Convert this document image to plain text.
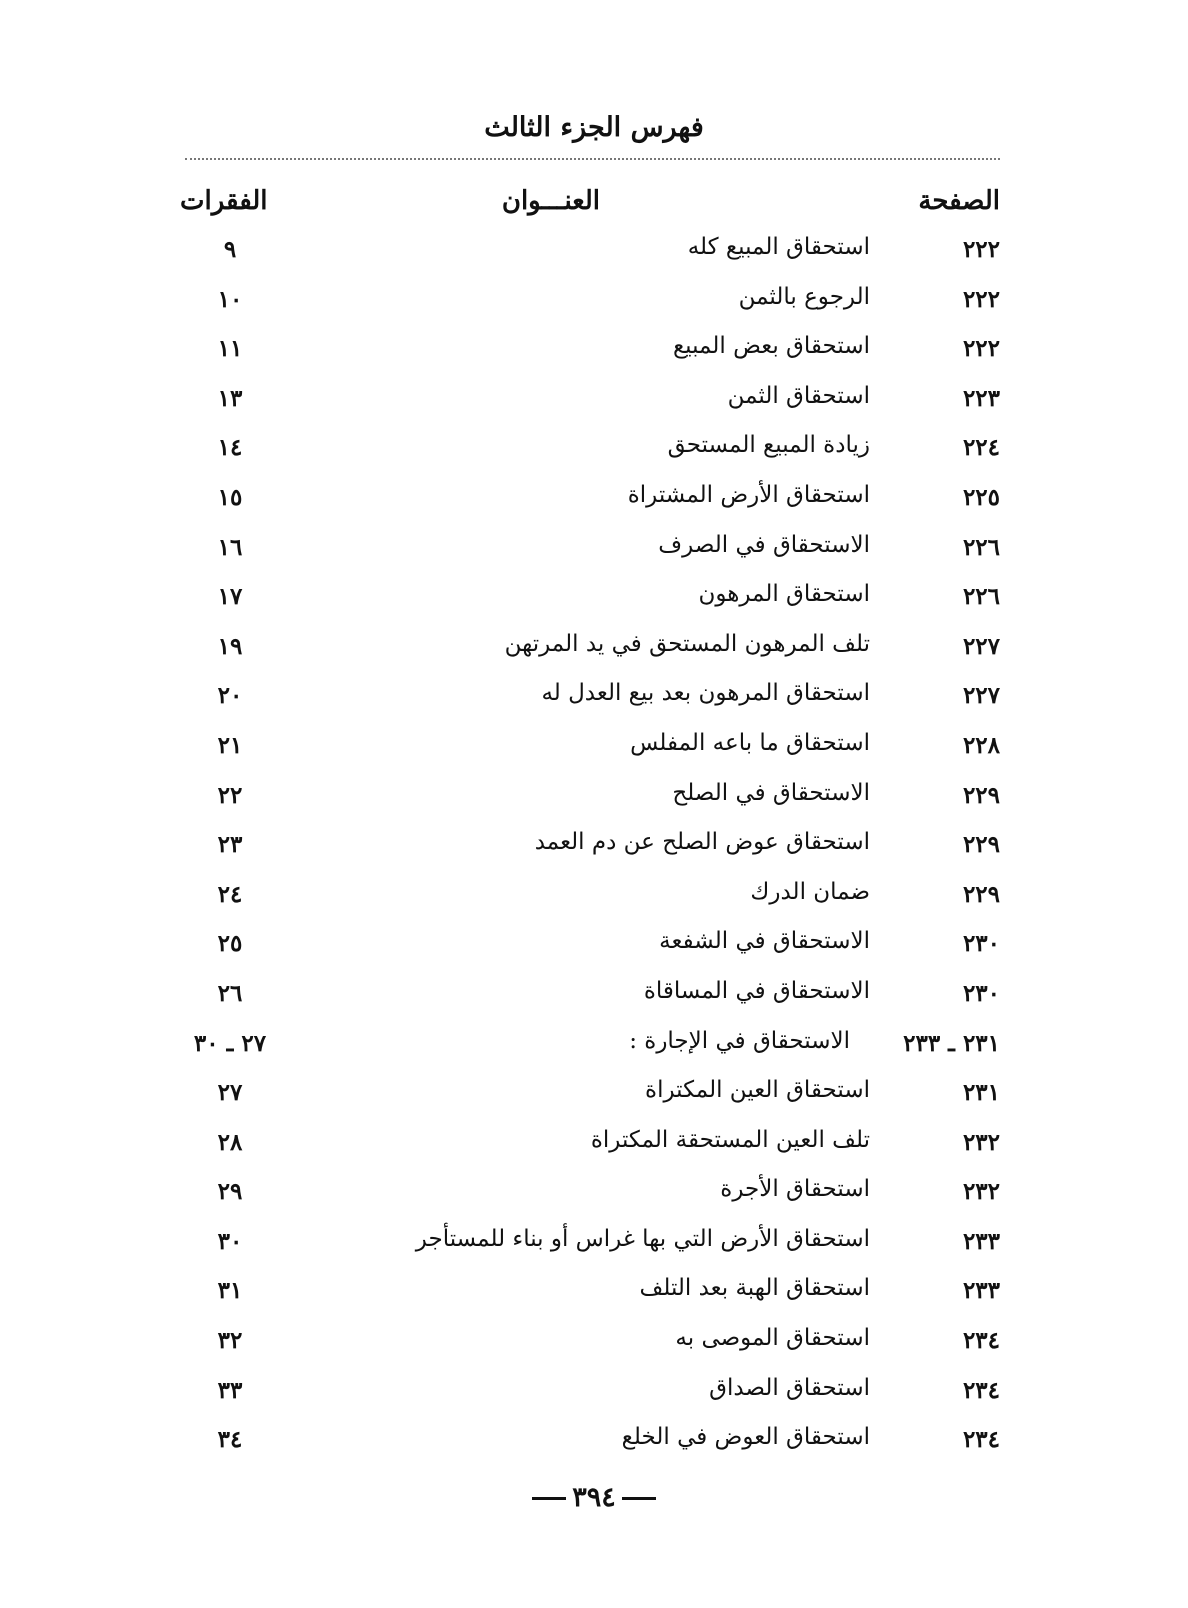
فهرس الجزء الثالث
الصفحة
العنـــوان
الفقرات
٢٢٢
استحقاق المبيع كله
٩
٢٢٢
الرجوع بالثمن
١٠
٢٢٢
استحقاق بعض المبيع
١١
٢٢٣
استحقاق الثمن
١٣
٢٢٤
زيادة المبيع المستحق
١٤
٢٢٥
استحقاق الأرض المشتراة
١٥
٢٢٦
الاستحقاق في الصرف
١٦
٢٢٦
استحقاق المرهون
١٧
٢٢٧
تلف المرهون المستحق في يد المرتهن
١٩
٢٢٧
استحقاق المرهون بعد بيع العدل له
٢٠
٢٢٨
استحقاق ما باعه المفلس
٢١
٢٢٩
الاستحقاق في الصلح
٢٢
٢٢٩
استحقاق عوض الصلح عن دم العمد
٢٣
٢٢٩
ضمان الدرك
٢٤
٢٣٠
الاستحقاق في الشفعة
٢٥
٢٣٠
الاستحقاق في المساقاة
٢٦
٢٣١ ـ ٢٣٣
الاستحقاق في الإجارة :
٢٧ ـ ٣٠
٢٣١
استحقاق العين المكتراة
٢٧
٢٣٢
تلف العين المستحقة المكتراة
٢٨
٢٣٢
استحقاق الأجرة
٢٩
٢٣٣
استحقاق الأرض التي بها غراس أو بناء للمستأجر
٣٠
٢٣٣
استحقاق الهبة بعد التلف
٣١
٢٣٤
استحقاق الموصى به
٣٢
٢٣٤
استحقاق الصداق
٣٣
٢٣٤
استحقاق العوض في الخلع
٣٤
٣٩٤
